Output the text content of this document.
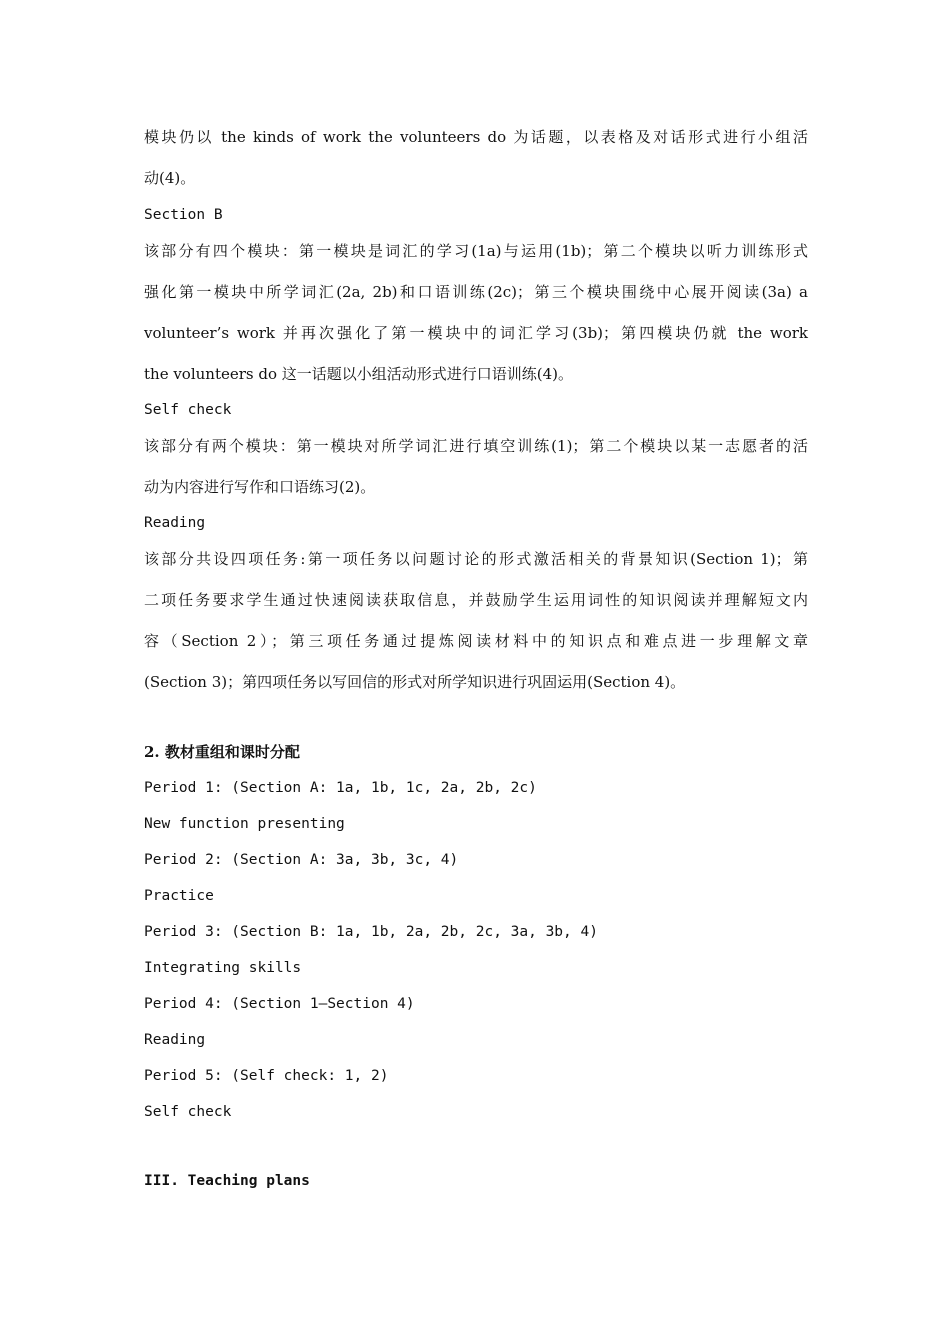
模块仍以 the kinds of work the volunteers do 为话题，以表格及对话形式进行小组活
动(4)。
Section B
该部分有四个模块：第一模块是词汇的学习(1a)与运用(1b)；第二个模块以听力训练形式
强化第一模块中所学词汇(2a, 2b)和口语训练(2c)；第三个模块围绕中心展开阅读(3a) a
volunteer’s work 并再次强化了第一模块中的词汇学习(3b)；第四模块仍就 the work
the volunteers do 这一话题以小组活动形式进行口语训练(4)。
Self check
该部分有两个模块：第一模块对所学词汇进行填空训练(1)；第二个模块以某一志愿者的活
动为内容进行写作和口语练习(2)。
Reading
该部分共设四项任务:第一项任务以问题讨论的形式激活相关的背景知识(Section 1)；第
二项任务要求学生通过快速阅读获取信息，并鼓励学生运用词性的知识阅读并理解短文内
容（Section 2）；第三项任务通过提炼阅读材料中的知识点和难点进一步理解文章
(Section 3)；第四项任务以写回信的形式对所学知识进行巩固运用(Section 4)。
2. 教材重组和课时分配
Period 1: (Section A: 1a, 1b, 1c, 2a, 2b, 2c)
New function presenting
Period 2: (Section A: 3a, 3b, 3c, 4)
Practice
Period 3: (Section B: 1a, 1b, 2a, 2b, 2c, 3a, 3b, 4)
Integrating skills
Period 4: (Section 1—Section 4)
Reading
Period 5: (Self check: 1, 2)
Self check
III. Teaching plans
